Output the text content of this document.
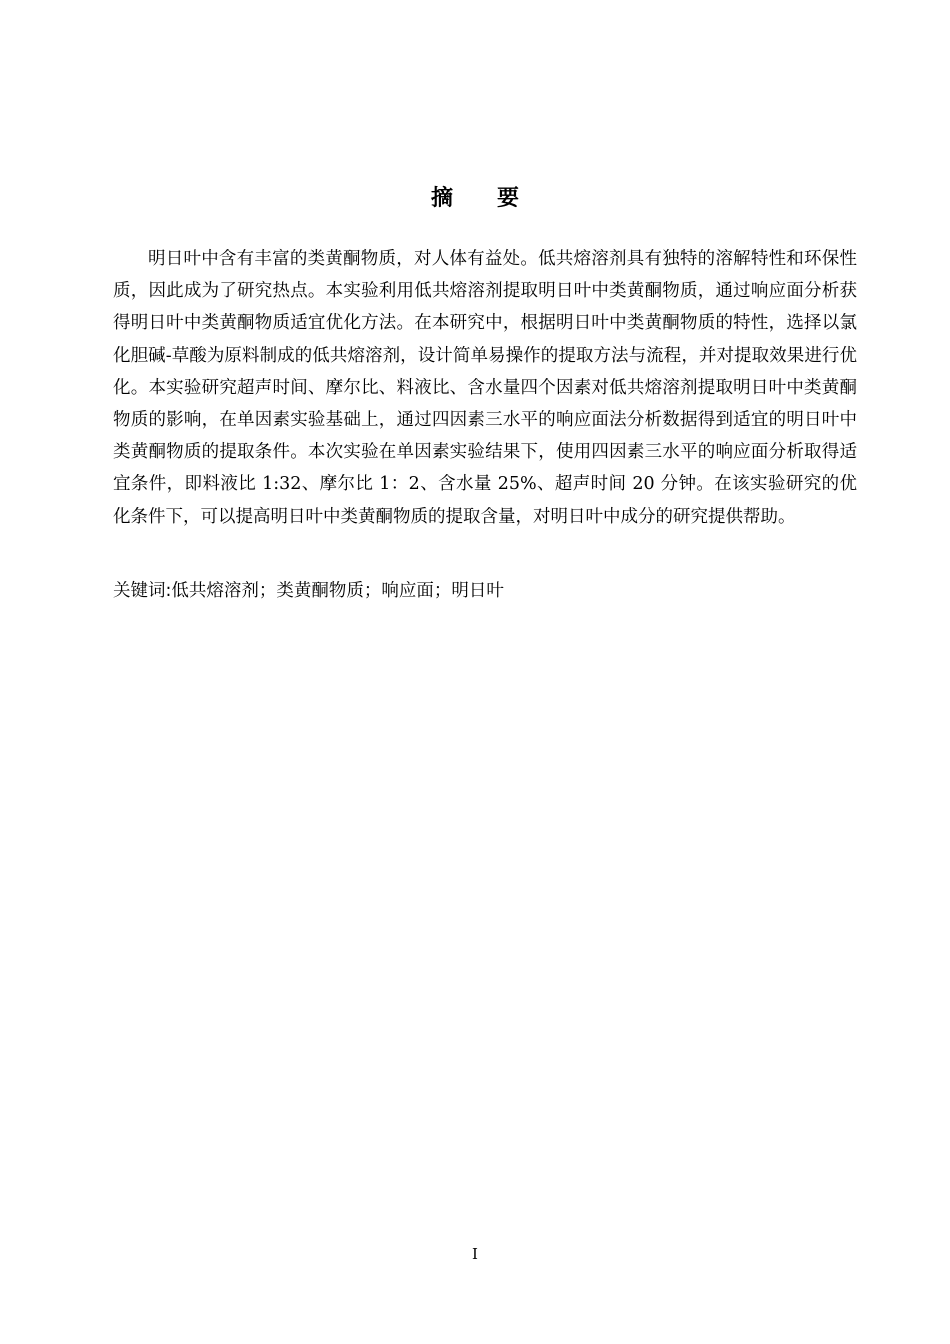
摘 要

明日叶中含有丰富的类黄酮物质，对人体有益处。低共熔溶剂具有独特的溶解特性和环保性质，因此成为了研究热点。本实验利用低共熔溶剂提取明日叶中类黄酮物质，通过响应面分析获得明日叶中类黄酮物质适宜优化方法。在本研究中，根据明日叶中类黄酮物质的特性，选择以氯化胆碱-草酸为原料制成的低共熔溶剂，设计简单易操作的提取方法与流程，并对提取效果进行优化。本实验研究超声时间、摩尔比、料液比、含水量四个因素对低共熔溶剂提取明日叶中类黄酮物质的影响，在单因素实验基础上，通过四因素三水平的响应面法分析数据得到适宜的明日叶中类黄酮物质的提取条件。本次实验在单因素实验结果下，使用四因素三水平的响应面分析取得适宜条件，即料液比 1:32、摩尔比 1：2、含水量 25%、超声时间 20 分钟。在该实验研究的优化条件下，可以提高明日叶中类黄酮物质的提取含量，对明日叶中成分的研究提供帮助。

关键词:低共熔溶剂；类黄酮物质；响应面；明日叶

I
